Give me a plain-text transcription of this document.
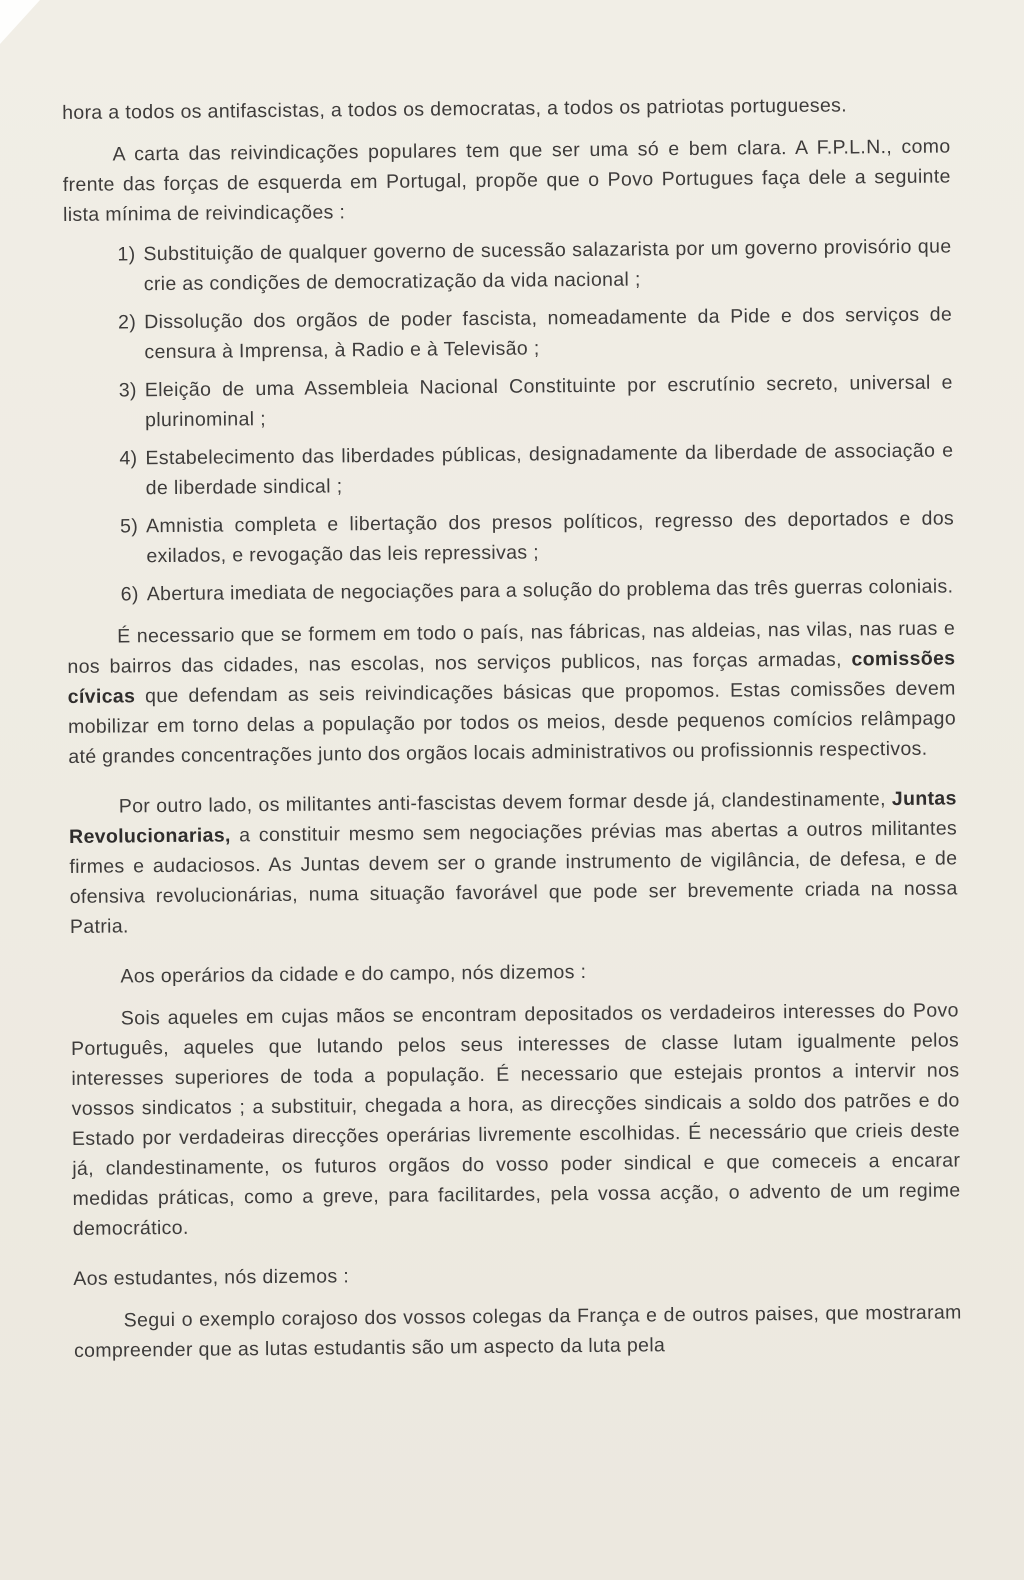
hora a todos os antifascistas, a todos os democratas, a todos os patriotas portugueses.

A carta das reivindicações populares tem que ser uma só e bem clara. A F.P.L.N., como frente das forças de esquerda em Portugal, propõe que o Povo Portugues faça dele a seguinte lista mínima de reivindicações :

1) Substituição de qualquer governo de sucessão salazarista por um governo provisório que crie as condições de democratização da vida nacional ;
2) Dissolução dos orgãos de poder fascista, nomeadamente da Pide e dos serviços de censura à Imprensa, à Radio e à Televisão ;
3) Eleição de uma Assembleia Nacional Constituinte por escrutínio secreto, universal e plurinominal ;
4) Estabelecimento das liberdades públicas, designadamente da liberdade de associação e de liberdade sindical ;
5) Amnistia completa e libertação dos presos políticos, regresso des deportados e dos exilados, e revogação das leis repressivas ;
6) Abertura imediata de negociações para a solução do problema das três guerras coloniais.

É necessario que se formem em todo o país, nas fábricas, nas aldeias, nas vilas, nas ruas e nos bairros das cidades, nas escolas, nos serviços publicos, nas forças armadas, comissões cívicas que defendam as seis reivindicações básicas que propomos. Estas comissões devem mobilizar em torno delas a população por todos os meios, desde pequenos comícios relâmpago até grandes concentrações junto dos orgãos locais administrativos ou profissionnis respectivos.

Por outro lado, os militantes anti-fascistas devem formar desde já, clandestinamente, Juntas Revolucionarias, a constituir mesmo sem negociações prévias mas abertas a outros militantes firmes e audaciosos. As Juntas devem ser o grande instrumento de vigilância, de defesa, e de ofensiva revolucionárias, numa situação favorável que pode ser brevemente criada na nossa Patria.

Aos operários da cidade e do campo, nós dizemos :

Sois aqueles em cujas mãos se encontram depositados os verdadeiros interesses do Povo Português, aqueles que lutando pelos seus interesses de classe lutam igualmente pelos interesses superiores de toda a população. É necessario que estejais prontos a intervir nos vossos sindicatos ; a substituir, chegada a hora, as direcções sindicais a soldo dos patrões e do Estado por verdadeiras direcções operárias livremente escolhidas. É necessário que crieis deste já, clandestinamente, os futuros orgãos do vosso poder sindical e que comeceis a encarar medidas práticas, como a greve, para facilitardes, pela vossa acção, o advento de um regime democrático.

Aos estudantes, nós dizemos :

Segui o exemplo corajoso dos vossos colegas da França e de outros paises, que mostraram compreender que as lutas estudantis são um aspecto da luta pela
